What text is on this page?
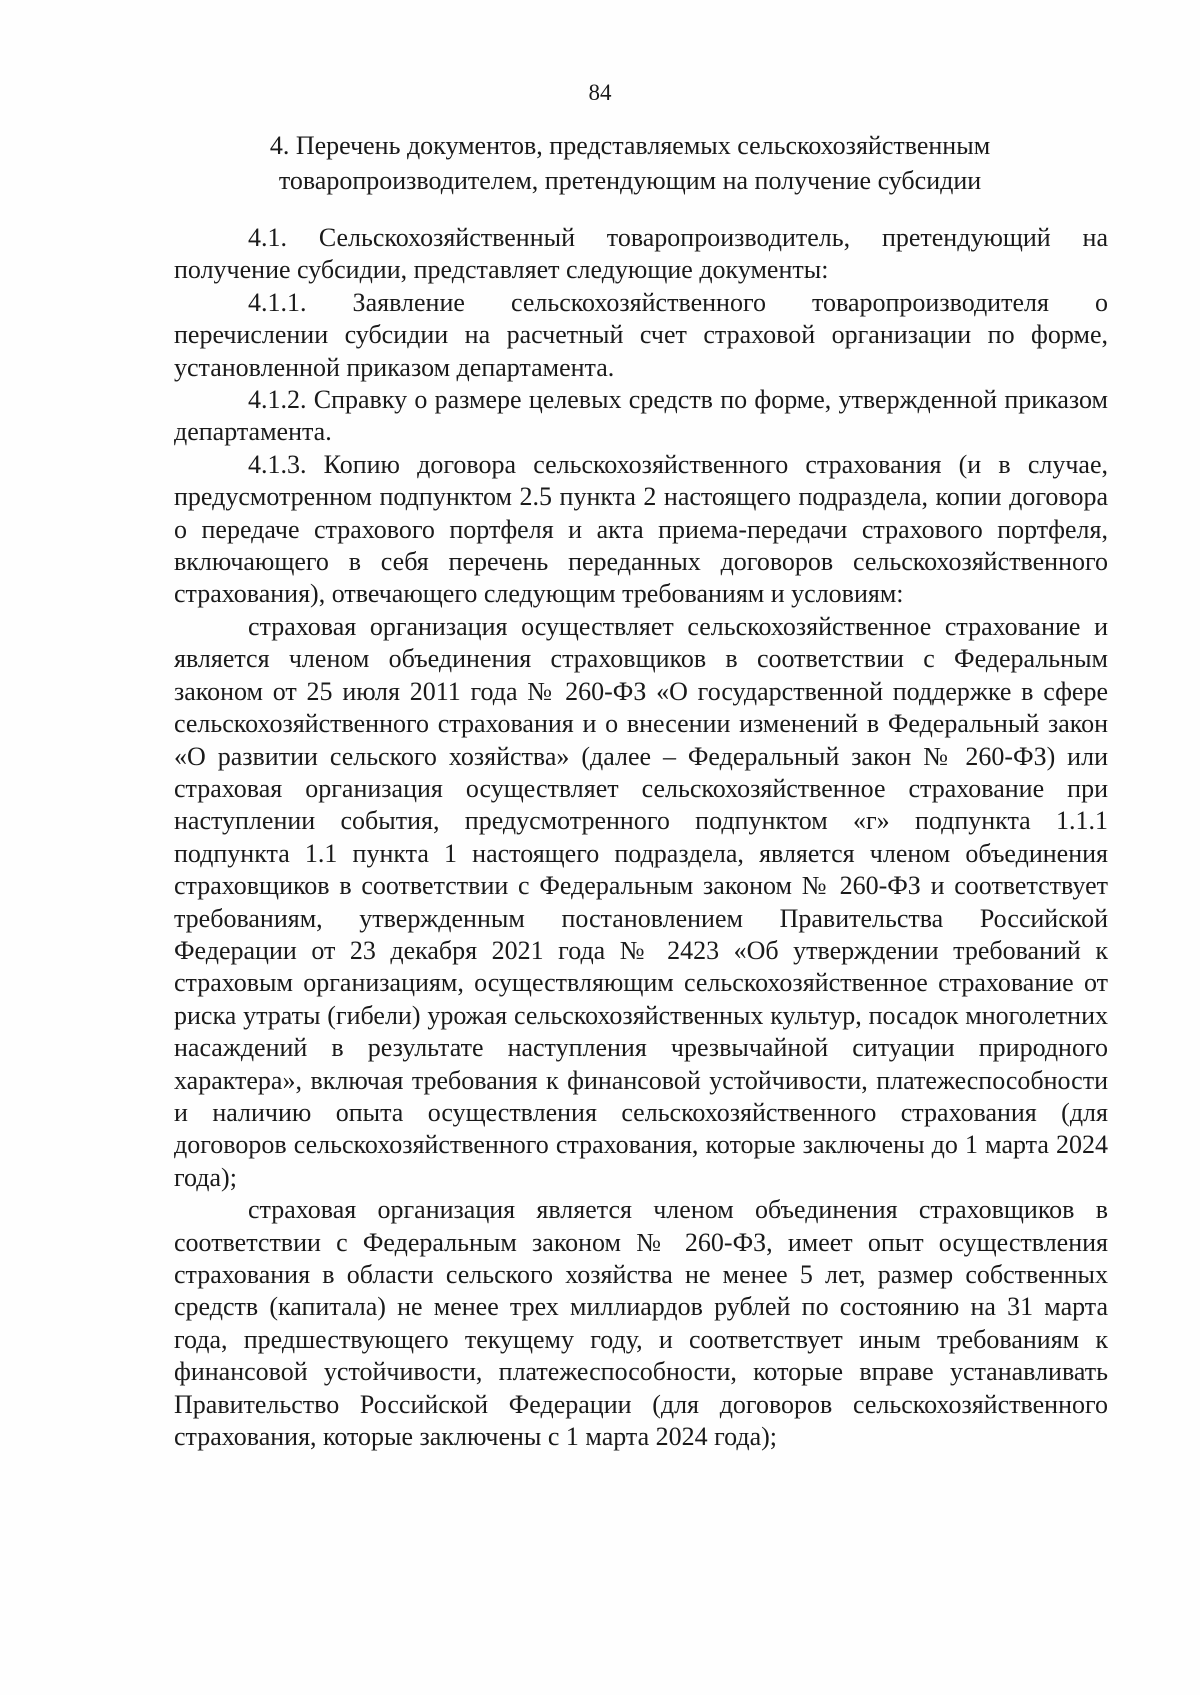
84
4. Перечень документов, представляемых сельскохозяйственным
товаропроизводителем, претендующим на получение субсидии

4.1. Сельскохозяйственный товаропроизводитель, претендующий на получение субсидии, представляет следующие документы:

4.1.1. Заявление сельскохозяйственного товаропроизводителя о перечислении субсидии на расчетный счет страховой организации по форме, установленной приказом департамента.

4.1.2. Справку о размере целевых средств по форме, утвержденной приказом департамента.

4.1.3. Копию договора сельскохозяйственного страхования (и в случае, предусмотренном подпунктом 2.5 пункта 2 настоящего подраздела, копии договора о передаче страхового портфеля и акта приема-передачи страхового портфеля, включающего в себя перечень переданных договоров сельскохозяйственного страхования), отвечающего следующим требованиям и условиям:

страховая организация осуществляет сельскохозяйственное страхование и является членом объединения страховщиков в соответствии с Федеральным законом от 25 июля 2011 года № 260-ФЗ «О государственной поддержке в сфере сельскохозяйственного страхования и о внесении изменений в Федеральный закон «О развитии сельского хозяйства» (далее – Федеральный закон № 260-ФЗ) или страховая организация осуществляет сельскохозяйственное страхование при наступлении события, предусмотренного подпунктом «г» подпункта 1.1.1 подпункта 1.1 пункта 1 настоящего подраздела, является членом объединения страховщиков в соответствии с Федеральным законом № 260-ФЗ и соответствует требованиям, утвержденным постановлением Правительства Российской Федерации от 23 декабря 2021 года № 2423 «Об утверждении требований к страховым организациям, осуществляющим сельскохозяйственное страхование от риска утраты (гибели) урожая сельскохозяйственных культур, посадок многолетних насаждений в результате наступления чрезвычайной ситуации природного характера», включая требования к финансовой устойчивости, платежеспособности и наличию опыта осуществления сельскохозяйственного страхования (для договоров сельскохозяйственного страхования, которые заключены до 1 марта 2024 года);

страховая организация является членом объединения страховщиков в соответствии с Федеральным законом № 260-ФЗ, имеет опыт осуществления страхования в области сельского хозяйства не менее 5 лет, размер собственных средств (капитала) не менее трех миллиардов рублей по состоянию на 31 марта года, предшествующего текущему году, и соответствует иным требованиям к финансовой устойчивости, платежеспособности, которые вправе устанавливать Правительство Российской Федерации (для договоров сельскохозяйственного страхования, которые заключены с 1 марта 2024 года);
